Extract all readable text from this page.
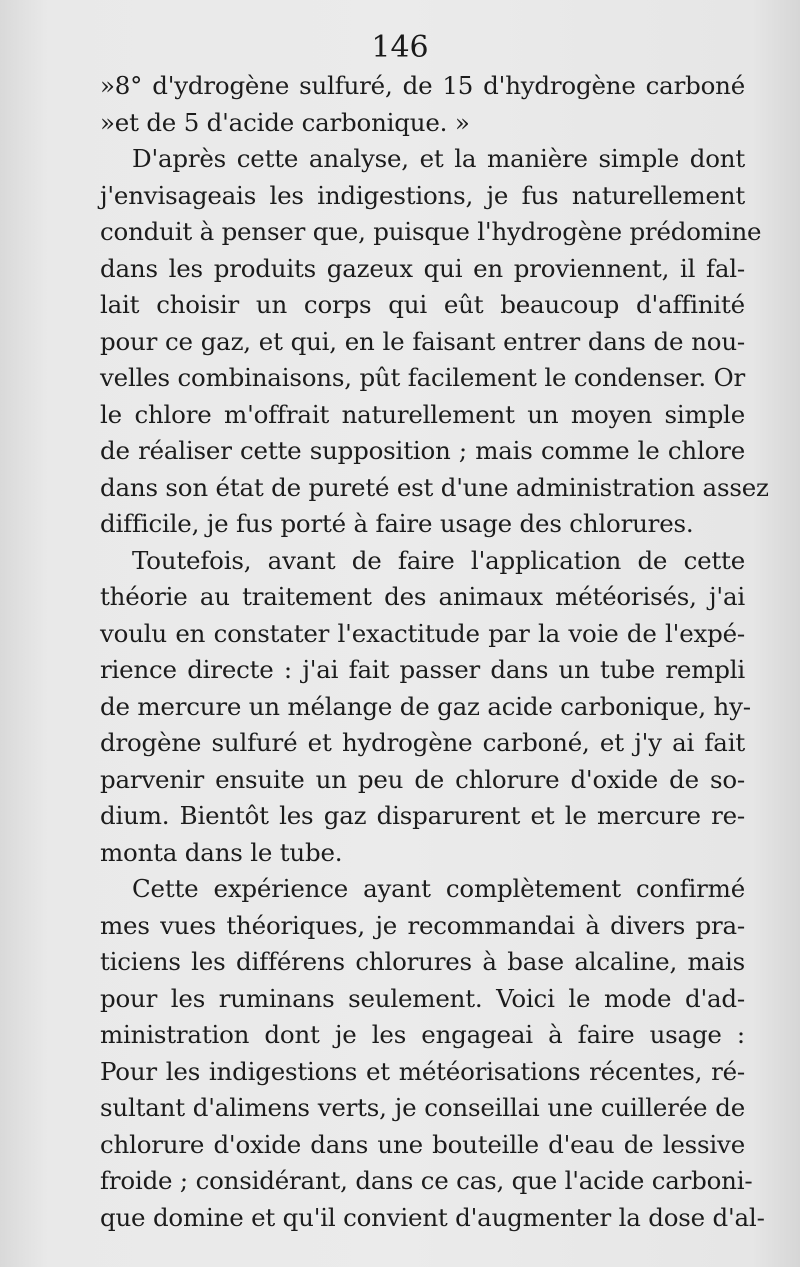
146
»8° d'ydrogène sulfuré, de 15 d'hydrogène carboné
»et de 5 d'acide carbonique. »
D'après cette analyse, et la manière simple dont
j'envisageais les indigestions, je fus naturellement
conduit à penser que, puisque l'hydrogène prédomine
dans les produits gazeux qui en proviennent, il fal-
lait choisir un corps qui eût beaucoup d'affinité
pour ce gaz, et qui, en le faisant entrer dans de nou-
velles combinaisons, pût facilement le condenser. Or
le chlore m'offrait naturellement un moyen simple
de réaliser cette supposition ; mais comme le chlore
dans son état de pureté est d'une administration assez
difficile, je fus porté à faire usage des chlorures.
Toutefois, avant de faire l'application de cette
théorie au traitement des animaux météorisés, j'ai
voulu en constater l'exactitude par la voie de l'expé-
rience directe : j'ai fait passer dans un tube rempli
de mercure un mélange de gaz acide carbonique, hy-
drogène sulfuré et hydrogène carboné, et j'y ai fait
parvenir ensuite un peu de chlorure d'oxide de so-
dium. Bientôt les gaz disparurent et le mercure re-
monta dans le tube.
Cette expérience ayant complètement confirmé
mes vues théoriques, je recommandai à divers pra-
ticiens les différens chlorures à base alcaline, mais
pour les ruminans seulement. Voici le mode d'ad-
ministration dont je les engageai à faire usage :
Pour les indigestions et météorisations récentes, ré-
sultant d'alimens verts, je conseillai une cuillerée de
chlorure d'oxide dans une bouteille d'eau de lessive
froide ; considérant, dans ce cas, que l'acide carboni-
que domine et qu'il convient d'augmenter la dose d'al-
